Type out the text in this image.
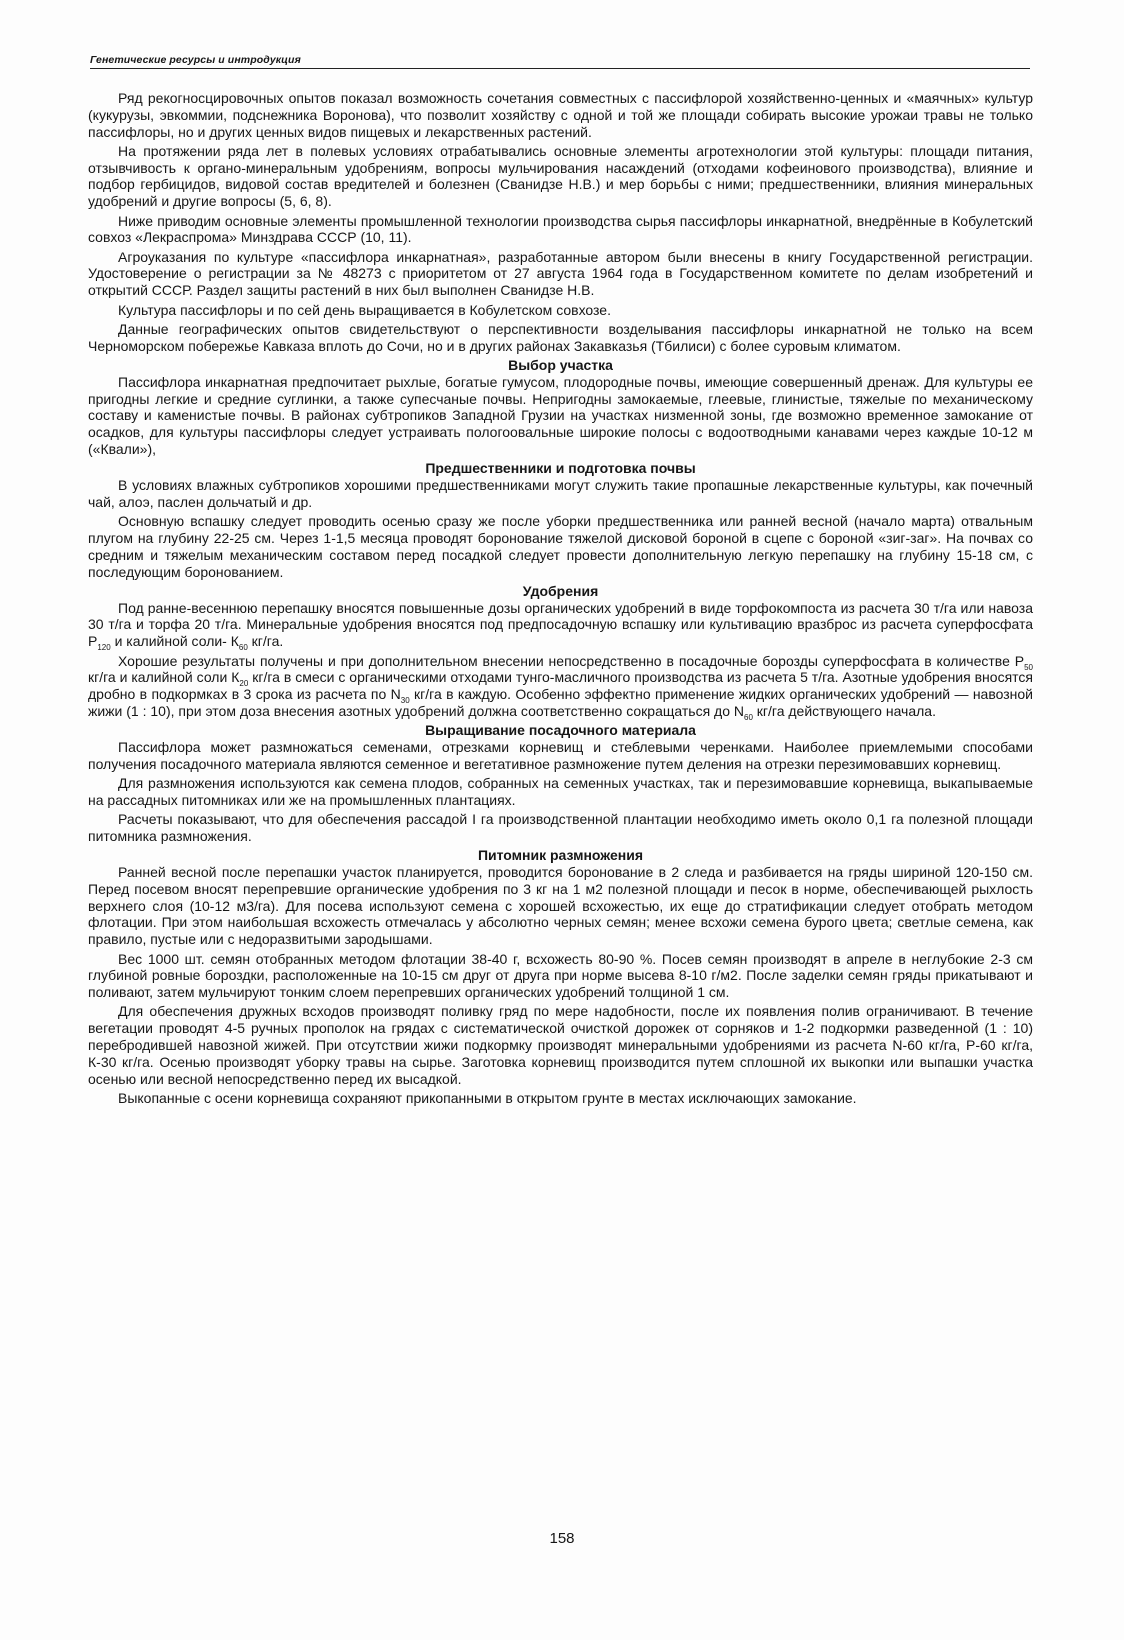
Генетические ресурсы и интродукция

Ряд рекогносцировочных опытов показал возможность сочетания совместных с пассифлорой хозяйственно-ценных и «маячных» культур (кукурузы, эвкоммии, подснежника Воронова), что позволит хозяйству с одной и той же площади собирать высокие урожаи травы не только пассифлоры, но и других ценных видов пищевых и лекарственных растений.

На протяжении ряда лет в полевых условиях отрабатывались основные элементы агротехнологии этой культуры: площади питания, отзывчивость к органо-минеральным удобрениям, вопросы мульчирования насаждений (отходами кофеинового производства), влияние и подбор гербицидов, видовой состав вредителей и болезнен (Сванидзе Н.В.) и мер борьбы с ними; предшественники, влияния минеральных удобрений и другие вопросы (5, 6, 8).

Ниже приводим основные элементы промышленной технологии производства сырья пассифлоры инкарнатной, внедрённые в Кобулетский совхоз «Лекраспрома» Минздрава СССР (10, 11).

Агроуказания по культуре «пассифлора инкарнатная», разработанные автором были внесены в книгу Государственной регистрации. Удостоверение о регистрации за № 48273 с приоритетом от 27 августа 1964 года в Государственном комитете по делам изобретений и открытий СССР. Раздел защиты растений в них был выполнен Сванидзе Н.В.

Культура пассифлоры и по сей день выращивается в Кобулетском совхозе.

Данные географических опытов свидетельствуют о перспективности возделывания пассифлоры инкарнатной не только на всем Черноморском побережье Кавказа вплоть до Сочи, но и в других районах Закавказья (Тбилиси) с более суровым климатом.

Выбор участка

Пассифлора инкарнатная предпочитает рыхлые, богатые гумусом, плодородные почвы, имеющие совершенный дренаж. Для культуры ее пригодны легкие и средние суглинки, а также супесчаные почвы. Непригодны замокаемые, глеевые, глинистые, тяжелые по механическому составу и каменистые почвы. В районах субтропиков Западной Грузии на участках низменной зоны, где возможно временное замокание от осадков, для культуры пассифлоры следует устраивать пологоовальные широкие полосы с водоотводными канавами через каждые 10-12 м («Квали»),

Предшественники и подготовка почвы

В условиях влажных субтропиков хорошими предшественниками могут служить такие пропашные лекарственные культуры, как почечный чай, алоэ, паслен дольчатый и др.

Основную вспашку следует проводить осенью сразу же после уборки предшественника или ранней весной (начало марта) отвальным плугом на глубину 22-25 см. Через 1-1,5 месяца проводят боронование тяжелой дисковой бороной в сцепе с бороной «зиг-заг». На почвах со средним и тяжелым механическим составом перед посадкой следует провести дополнительную легкую перепашку на глубину 15-18 см, с последующим боронованием.

Удобрения

Под ранне-весеннюю перепашку вносятся повышенные дозы органических удобрений в виде торфокомпоста из расчета 30 т/га или навоза 30 т/га и торфа 20 т/га. Минеральные удобрения вносятся под предпосадочную вспашку или культивацию вразброс из расчета суперфосфата $Р_{120}$ и калийной соли- $К_{60}$ кг/га.

Хорошие результаты получены и при дополнительном внесении непосредственно в посадочные борозды суперфосфата в количестве $Р_{50}$ кг/га и калийной соли $К_{20}$ кг/га в смеси с органическими отходами тунго-масличного производства из расчета 5 т/га. Азотные удобрения вносятся дробно в подкормках в 3 срока из расчета по $N_{30}$ кг/га в каждую. Особенно эффектно применение жидких органических удобрений — навозной жижи (1 : 10), при этом доза внесения азотных удобрений должна соответственно сокращаться до $N_{60}$ кг/га действующего начала.

Выращивание посадочного материала

Пассифлора может размножаться семенами, отрезками корневищ и стеблевыми черенками. Наиболее приемлемыми способами получения посадочного материала являются семенное и вегетативное размножение путем деления на отрезки перезимовавших корневищ.

Для размножения используются как семена плодов, собранных на семенных участках, так и перезимовавшие корневища, выкапываемые на рассадных питомниках или же на промышленных плантациях.

Расчеты показывают, что для обеспечения рассадой I га производственной плантации необходимо иметь около 0,1 га полезной площади питомника размножения.

Питомник размножения

Ранней весной после перепашки участок планируется, проводится боронование в 2 следа и разбивается на гряды шириной 120-150 см. Перед посевом вносят перепревшие органические удобрения по 3 кг на 1 м2 полезной площади и песок в норме, обеспечивающей рыхлость верхнего слоя (10-12 м3/га). Для посева используют семена с хорошей всхожестью, их еще до стратификации следует отобрать методом флотации. При этом наибольшая всхожесть отмечалась у абсолютно черных семян; менее всхожи семена бурого цвета; светлые семена, как правило, пустые или с недоразвитыми зародышами.

Вес 1000 шт. семян отобранных методом флотации 38-40 г, всхожесть 80-90 %. Посев семян производят в апреле в неглубокие 2-3 см глубиной ровные бороздки, расположенные на 10-15 см друг от друга при норме высева 8-10 г/м2. После заделки семян гряды прикатывают и поливают, затем мульчируют тонким слоем перепревших органических удобрений толщиной 1 см.

Для обеспечения дружных всходов производят поливку гряд по мере надобности, после их появления полив ограничивают. В течение вегетации проводят 4-5 ручных прополок на грядах с систематической очисткой дорожек от сорняков и 1-2 подкормки разведенной (1 : 10) перебродившей навозной жижей. При отсутствии жижи подкормку производят минеральными удобрениями из расчета N-60 кг/га, Р-60 кг/га, К-30 кг/га. Осенью производят уборку травы на сырье. Заготовка корневищ производится путем сплошной их выкопки или выпашки участка осенью или весной непосредственно перед их высадкой.

Выкопанные с осени корневища сохраняют прикопанными в открытом грунте в местах исключающих замокание.

158
